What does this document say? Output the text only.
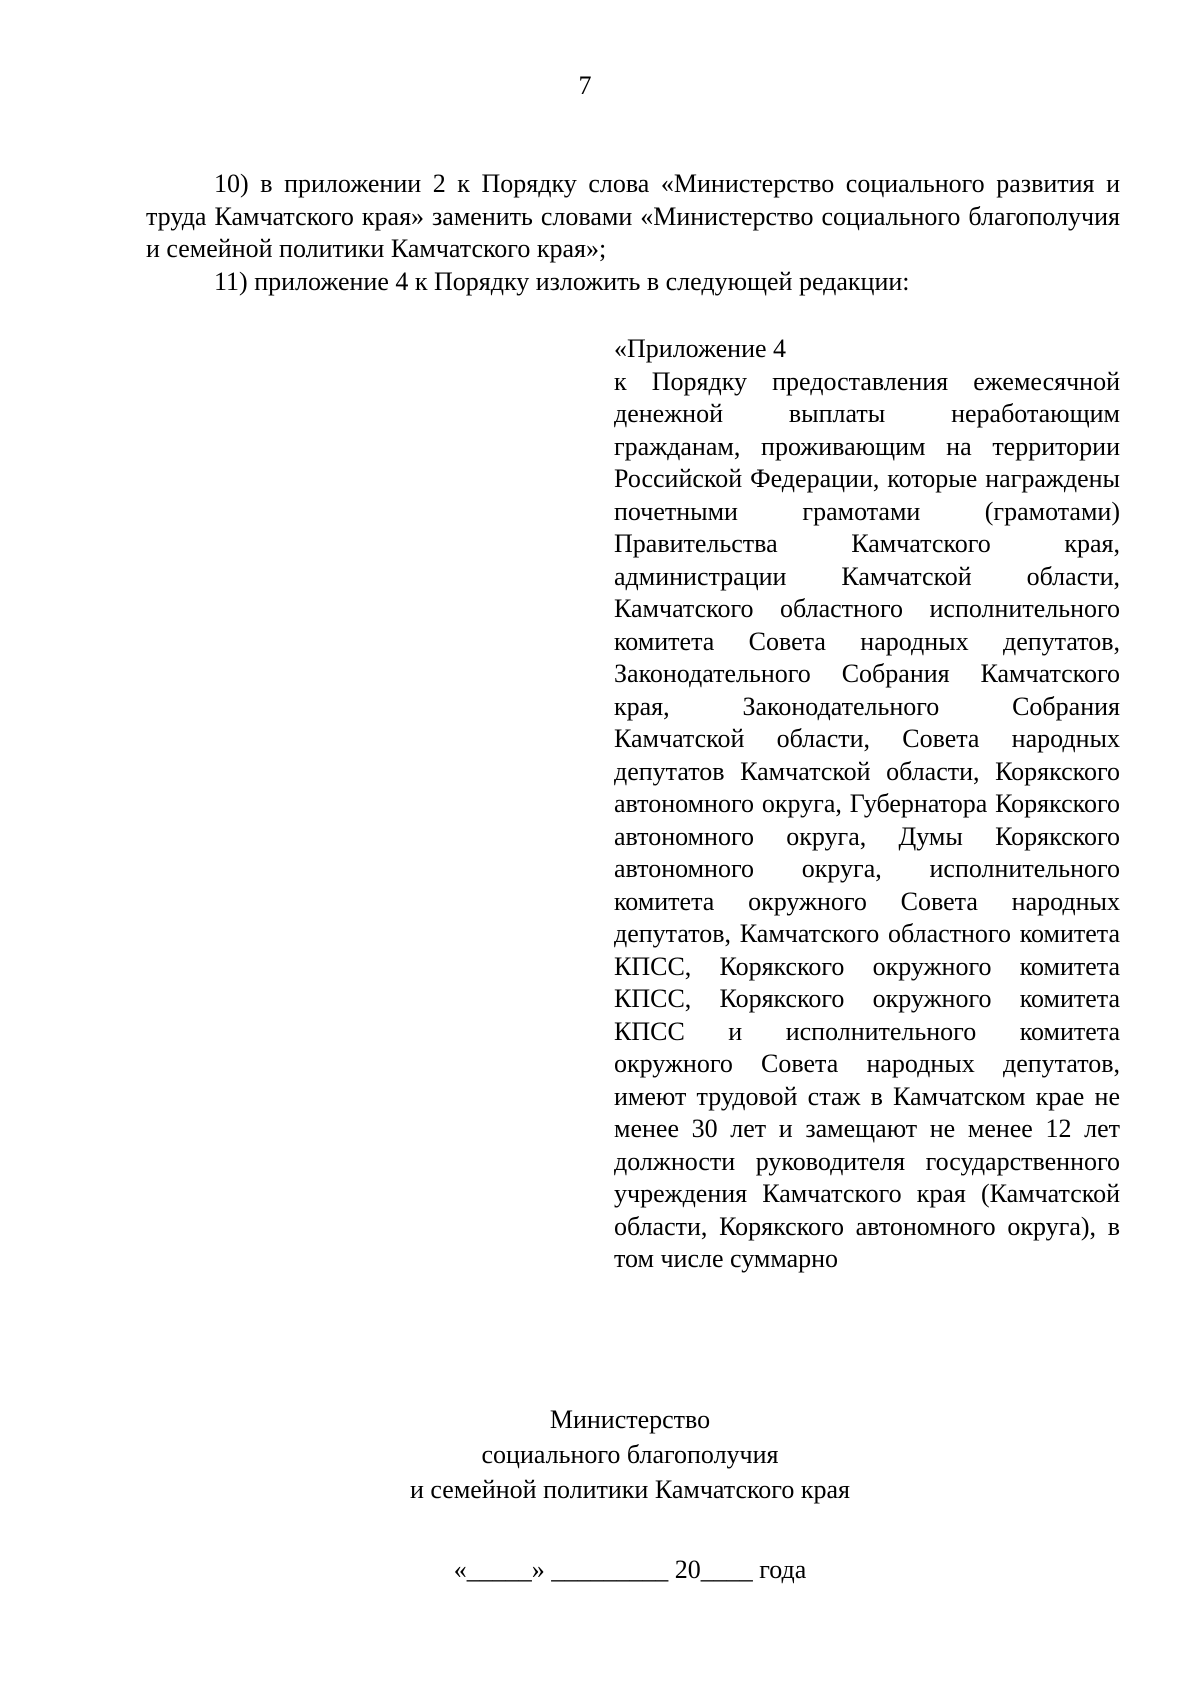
7

10) в приложении 2 к Порядку слова «Министерство социального развития и труда Камчатского края» заменить словами «Министерство социального благополучия и семейной политики Камчатского края»;

11) приложение 4 к Порядку изложить в следующей редакции:

«Приложение 4

к Порядку предоставления ежемесячной денежной выплаты неработающим гражданам, проживающим на территории Российской Федерации, которые награждены почетными грамотами (грамотами) Правительства Камчатского края, администрации Камчатской области, Камчатского областного исполнительного комитета Совета народных депутатов, Законодательного Собрания Камчатского края, Законодательного Собрания Камчатской области, Совета народных депутатов Камчатской области, Корякского автономного округа, Губернатора Корякского автономного округа, Думы Корякского автономного округа, исполнительного комитета окружного Совета народных депутатов, Камчатского областного комитета КПСС, Корякского окружного комитета КПСС, Корякского окружного комитета КПСС и исполнительного комитета окружного Совета народных депутатов, имеют трудовой стаж в Камчатском крае не менее 30 лет и замещают не менее 12 лет должности руководителя государственного учреждения Камчатского края (Камчатской области, Корякского автономного округа), в том числе суммарно

Министерство
социального благополучия
и семейной политики Камчатского края
«_____» _________ 20____ года
